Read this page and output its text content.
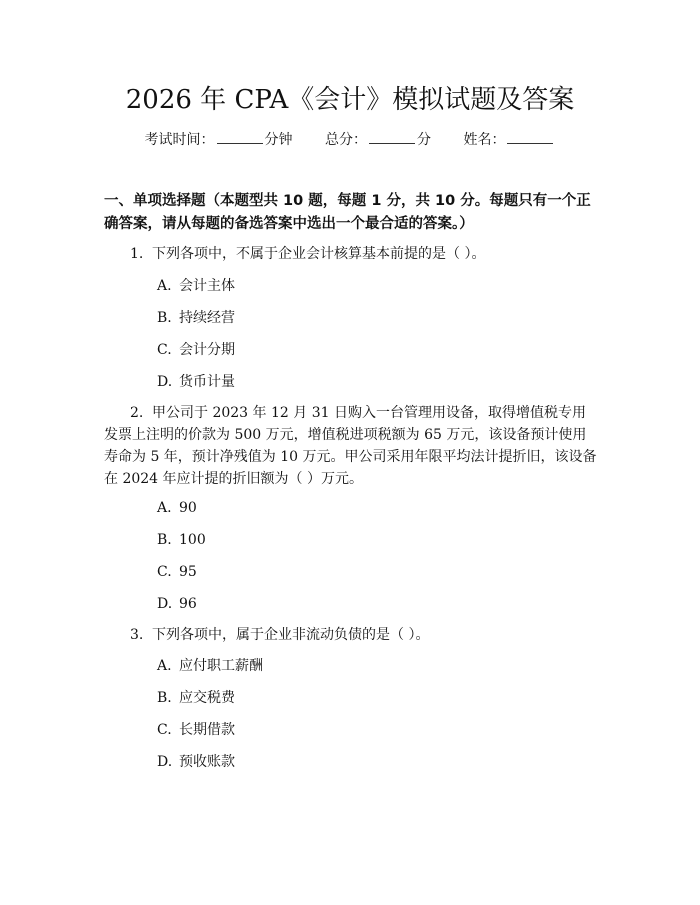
2026 年 CPA《会计》模拟试题及答案
考试时间：	分钟 总分：	分 姓名：
一、单项选择题（本题型共 10 题，每题 1 分，共 10 分。每题只有一个正确答案，请从每题的备选答案中选出一个最合适的答案。）
1. 下列各项中，不属于企业会计核算基本前提的是（ ）。
A. 会计主体
B. 持续经营
C. 会计分期
D. 货币计量
2. 甲公司于 2023 年 12 月 31 日购入一台管理用设备，取得增值税专用发票上注明的价款为 500 万元，增值税进项税额为 65 万元，该设备预计使用寿命为 5 年，预计净残值为 10 万元。甲公司采用年限平均法计提折旧，该设备在 2024 年应计提的折旧额为（ ）万元。
A. 90
B. 100
C. 95
D. 96
3. 下列各项中，属于企业非流动负债的是（ ）。
A. 应付职工薪酬
B. 应交税费
C. 长期借款
D. 预收账款
